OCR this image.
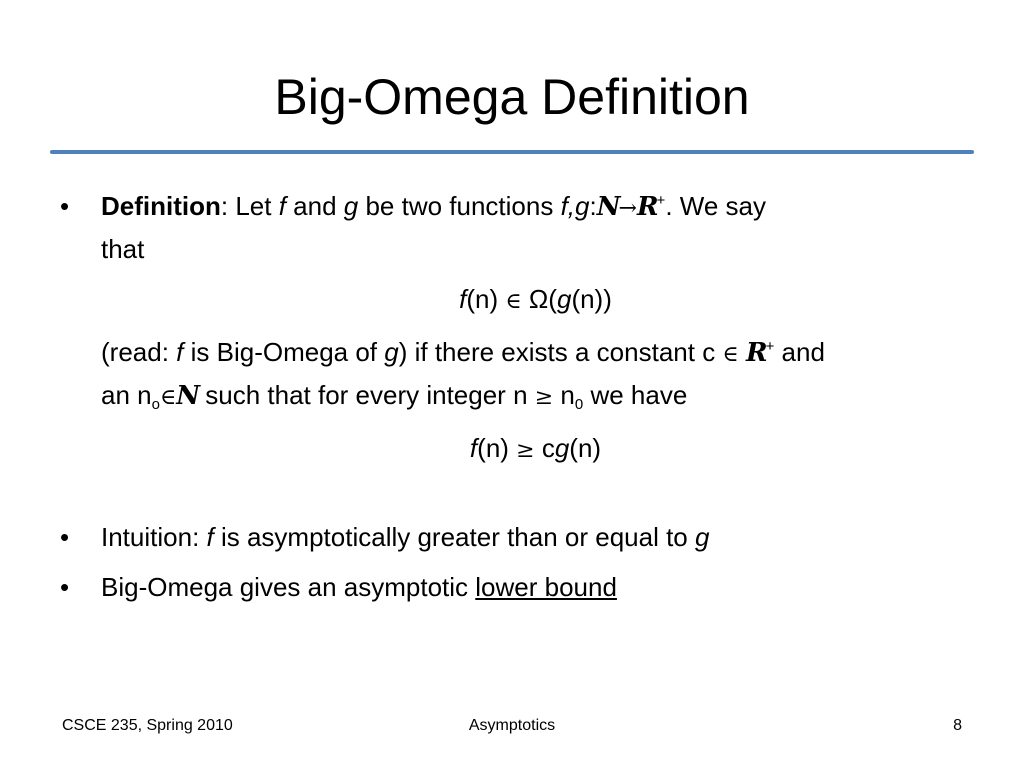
Big-Omega Definition
•	Definition: Let f and g be two functions f,g:N→R+. We say
that
f(n) ∈ Ω(g(n))
(read: f is Big-Omega of g) if there exists a constant c ∈ R+ and
an $n_o\in N$ such that for every integer $n \ge n_0$ we have
f(n) ≥ cg(n)
•	Intuition: f is asymptotically greater than or equal to g
•	Big-Omega gives an asymptotic lower bound
CSCE 235, Spring 2010	Asymptotics	8
